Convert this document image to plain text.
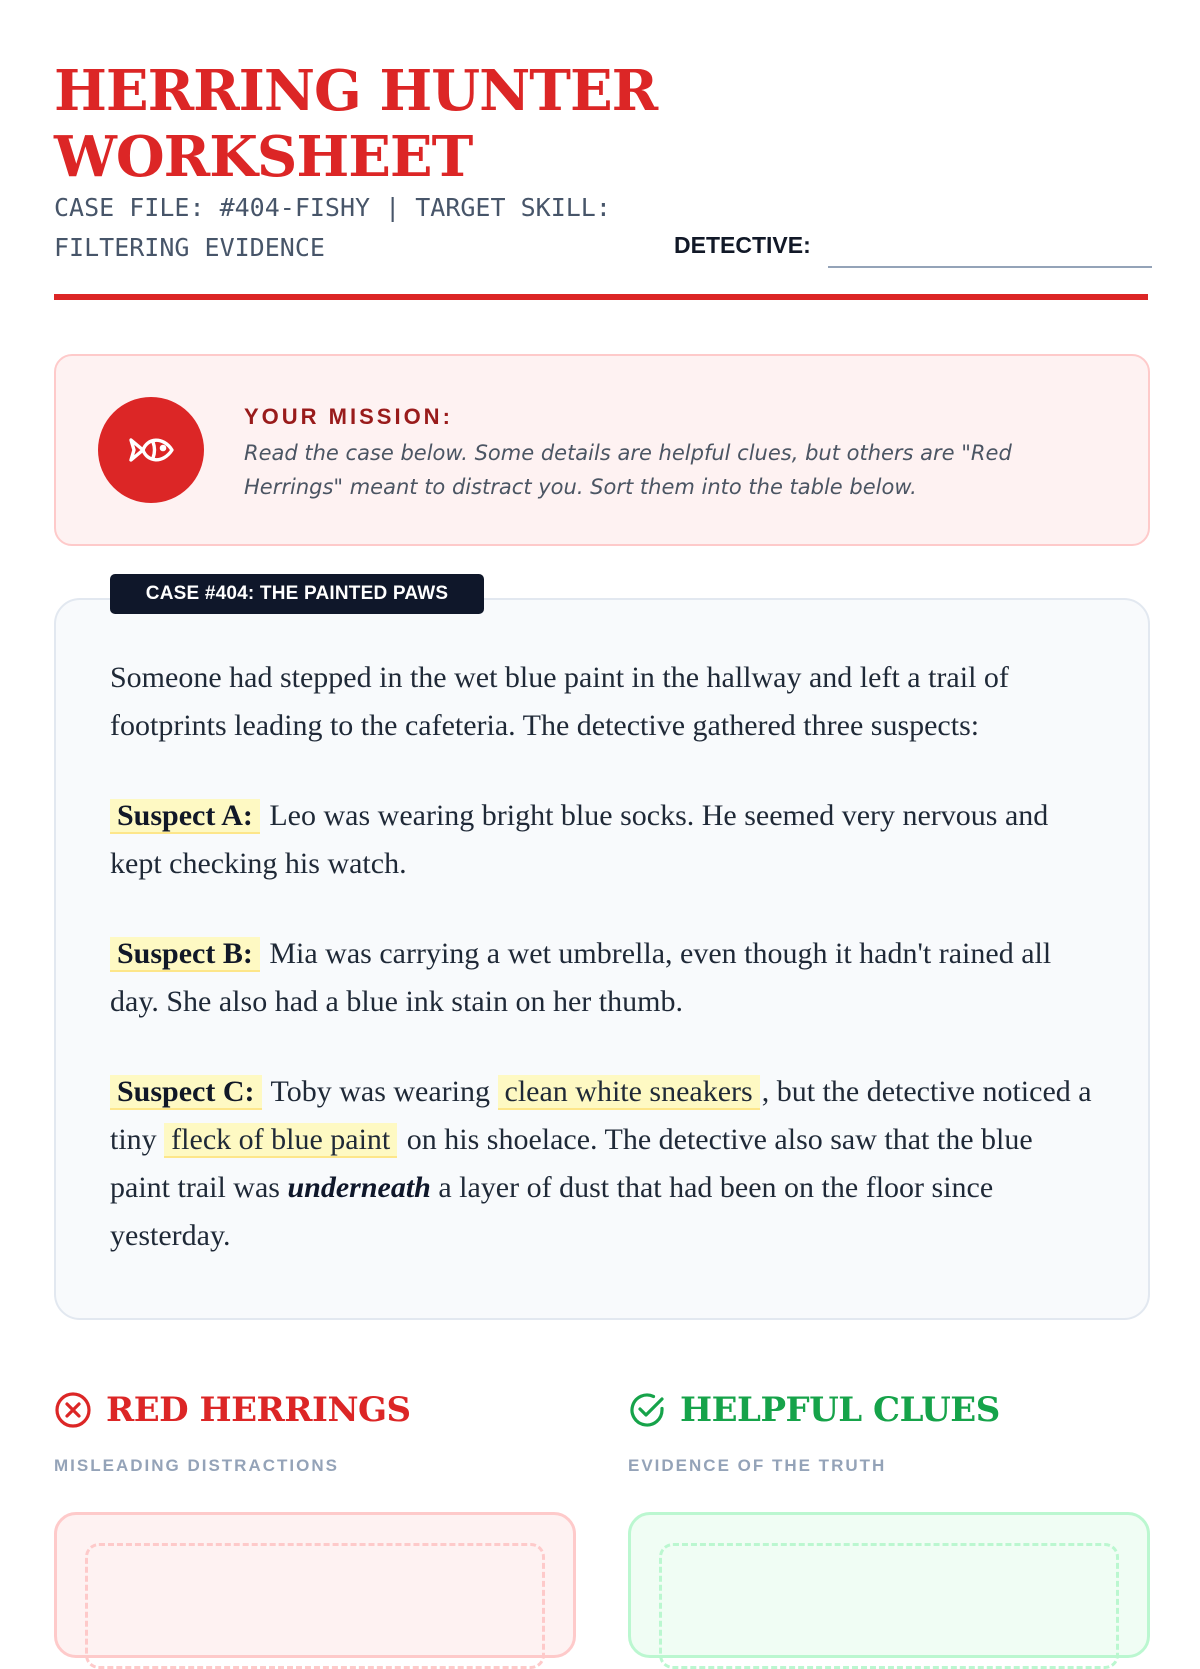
HERRING HUNTER WORKSHEET
CASE FILE: #404-FISHY | TARGET SKILL: FILTERING EVIDENCE	DETECTIVE:
YOUR MISSION:
Read the case below. Some details are helpful clues, but others are "Red Herrings" meant to distract you. Sort them into the table below.
CASE #404: THE PAINTED PAWS

Someone had stepped in the wet blue paint in the hallway and left a trail of footprints leading to the cafeteria. The detective gathered three suspects:

Suspect A: Leo was wearing bright blue socks. He seemed very nervous and kept checking his watch.

Suspect B: Mia was carrying a wet umbrella, even though it hadn't rained all day. She also had a blue ink stain on her thumb.

Suspect C: Toby was wearing clean white sneakers , but the detective noticed a tiny fleck of blue paint on his shoelace. The detective also saw that the blue paint trail was underneath a layer of dust that had been on the floor since yesterday.

RED HERRINGS
MISLEADING DISTRACTIONS
HELPFUL CLUES
EVIDENCE OF THE TRUTH
